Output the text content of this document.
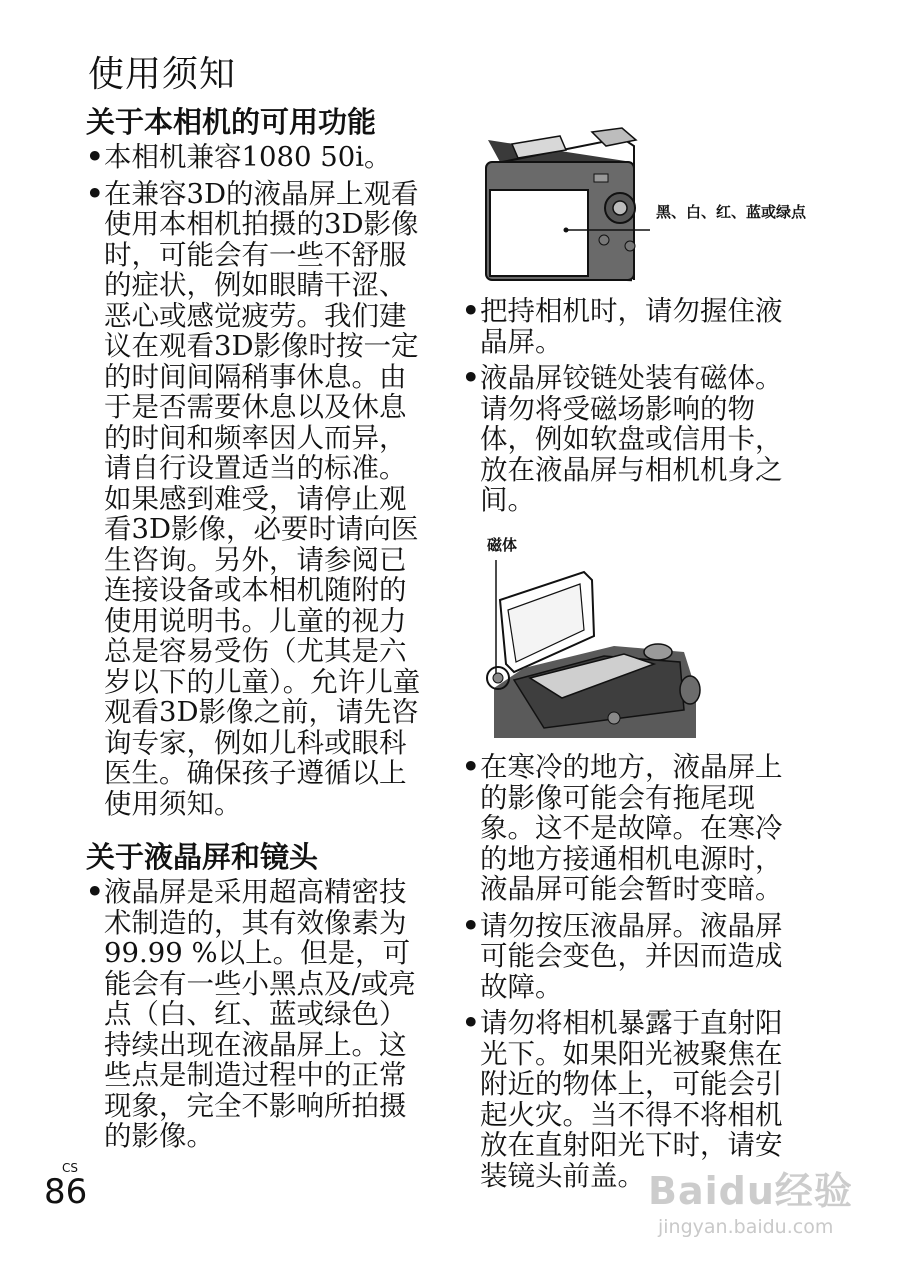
使用须知
关于本相机的可用功能
• 本相机兼容1080 50i。
• 在兼容3D的液晶屏上观看使用本相机拍摄的3D影像时，可能会有一些不舒服的症状，例如眼睛干涩、恶心或感觉疲劳。我们建议在观看3D影像时按一定的时间间隔稍事休息。由于是否需要休息以及休息的时间和频率因人而异，请自行设置适当的标准。如果感到难受，请停止观看3D影像，必要时请向医生咨询。另外，请参阅已连接设备或本相机随附的使用说明书。儿童的视力总是容易受伤（尤其是六岁以下的儿童）。允许儿童观看3D影像之前，请先咨询专家，例如儿科或眼科医生。确保孩子遵循以上使用须知。
关于液晶屏和镜头
• 液晶屏是采用超高精密技术制造的，其有效像素为99.99 %以上。但是，可能会有一些小黑点及/或亮点（白、红、蓝或绿色）持续出现在液晶屏上。这些点是制造过程中的正常现象，完全不影响所拍摄的影像。
黑、白、红、蓝或绿点
• 把持相机时，请勿握住液晶屏。
• 液晶屏铰链处装有磁体。请勿将受磁场影响的物体，例如软盘或信用卡，放在液晶屏与相机机身之间。
磁体
• 在寒冷的地方，液晶屏上的影像可能会有拖尾现象。这不是故障。在寒冷的地方接通相机电源时，液晶屏可能会暂时变暗。
• 请勿按压液晶屏。液晶屏可能会变色，并因而造成故障。
• 请勿将相机暴露于直射阳光下。如果阳光被聚焦在附近的物体上，可能会引起火灾。当不得不将相机放在直射阳光下时，请安装镜头前盖。
CS
86	Baidu经验
jingyan.baidu.com
